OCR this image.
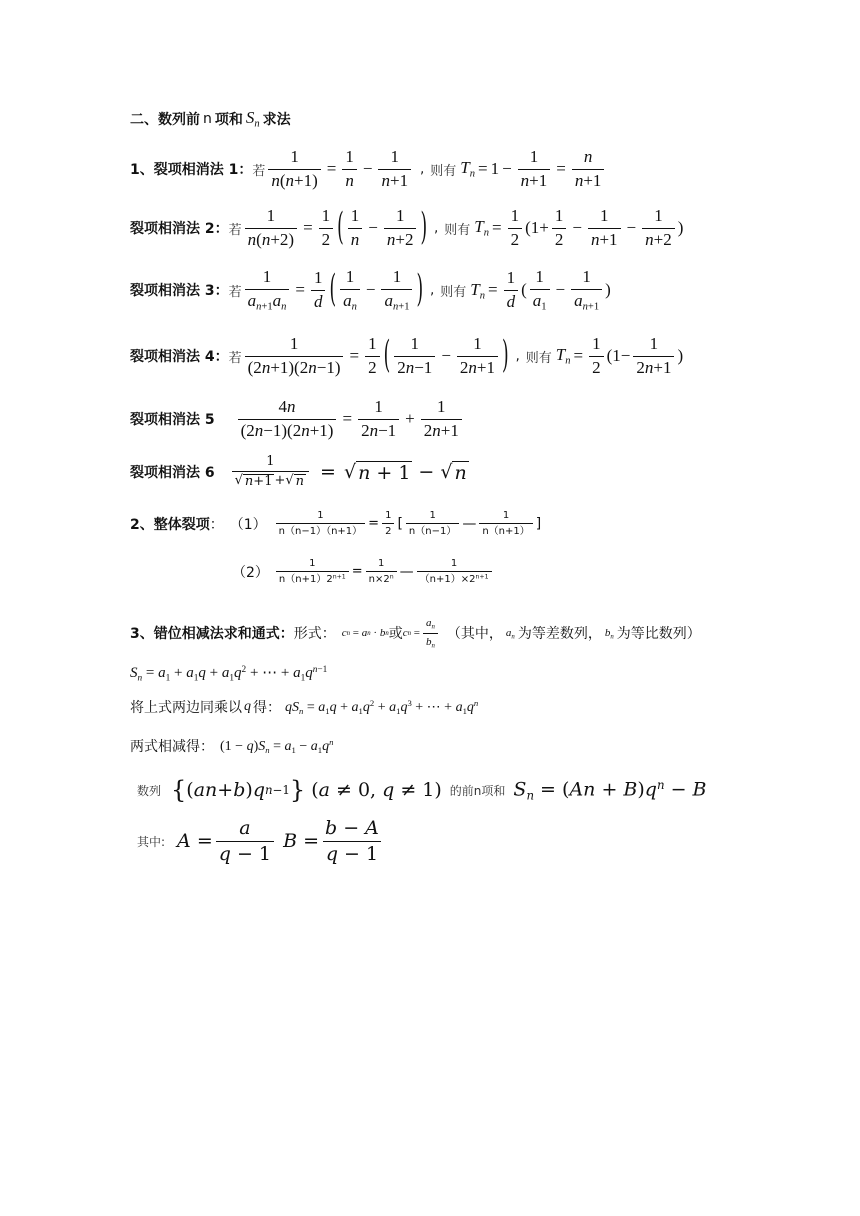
二、数列前 n 项和 $S_n$ 求法
1、裂项相消法 1： 若 $\frac{1}{n(n+1)} = \frac{1}{n} - \frac{1}{n+1}$ , 则有 $T_n = 1 - \frac{1}{n+1} = \frac{n}{n+1}$
裂项相消法 2： 若 $\frac{1}{n(n+2)} = \frac{1}{2}$ ( $\frac{1}{n} - \frac{1}{n+2}$ ) , 则有 $T_n = \frac{1}{2} (1+ \frac{1}{2} - \frac{1}{n+1} - \frac{1}{n+2}$ )
裂项相消法 3： 若 $\frac{1}{a_{n+1}a_n} = \frac{1}{d}$ ( $\frac{1}{a_n} - \frac{1}{a_{n+1}}$ ) , 则有 $T_n = \frac{1}{d}$ ( $\frac{1}{a_1} - \frac{1}{a_{n+1}}$ )
裂项相消法 4： 若 $\frac{1}{(2n+1)(2n-1)} = \frac{1}{2}$ ( $\frac{1}{2n-1} - \frac{1}{2n+1}$ ) , 则有 $T_n = \frac{1}{2} (1- \frac{1}{2n+1}$ )
裂项相消法 $5 \frac{4n}{(2n-1)(2n+1)} = \frac{1}{2n-1} + \frac{1}{2n+1}$
裂项相消法 $6 \frac{1}{√ n+1 + √ n}$ = √ n + 1 − √ n
2、整体裂项 ： $(1) \frac{1}{n(n-1)(n+1)} = \frac{1}{2}$ [ $\frac{1}{n(n-1)}$ — $\frac{1}{n(n+1)}$ ]
$(2) \frac{1}{n(n+1)2^{n+1}} = \frac{1}{n\times 2^n}$ — $\frac{1}{(n+1)\times 2^{n+1}}$
3、错位相减法求和通式： 形式： c n = a n · b n 或 c $n = \frac{a_n}{b_n}$ （其中， $a_n$ 为等差数列， $b_n$ 为等比数列）
$S_n = a_1 + a_1q + a_1q^2$ + ⋯ + $a_1q^{n-1}$
将上式两边同乘以 q 得： $qS_n = a_1q + a_1q^2 + a_1q^3$ + ⋯ + $a_1q^n$
两式相减得： $(1 - q)S_n = a_1 - a_1q^n$
数列 { ( an + b ) q n−1 } (a ≠ 0, q ≠ 1) 的前n项和 $S_n = (An + B)q^n - B$
其中: $A = \frac{a}{q - 1}$
$B = \frac{b - A}{q - 1}$
